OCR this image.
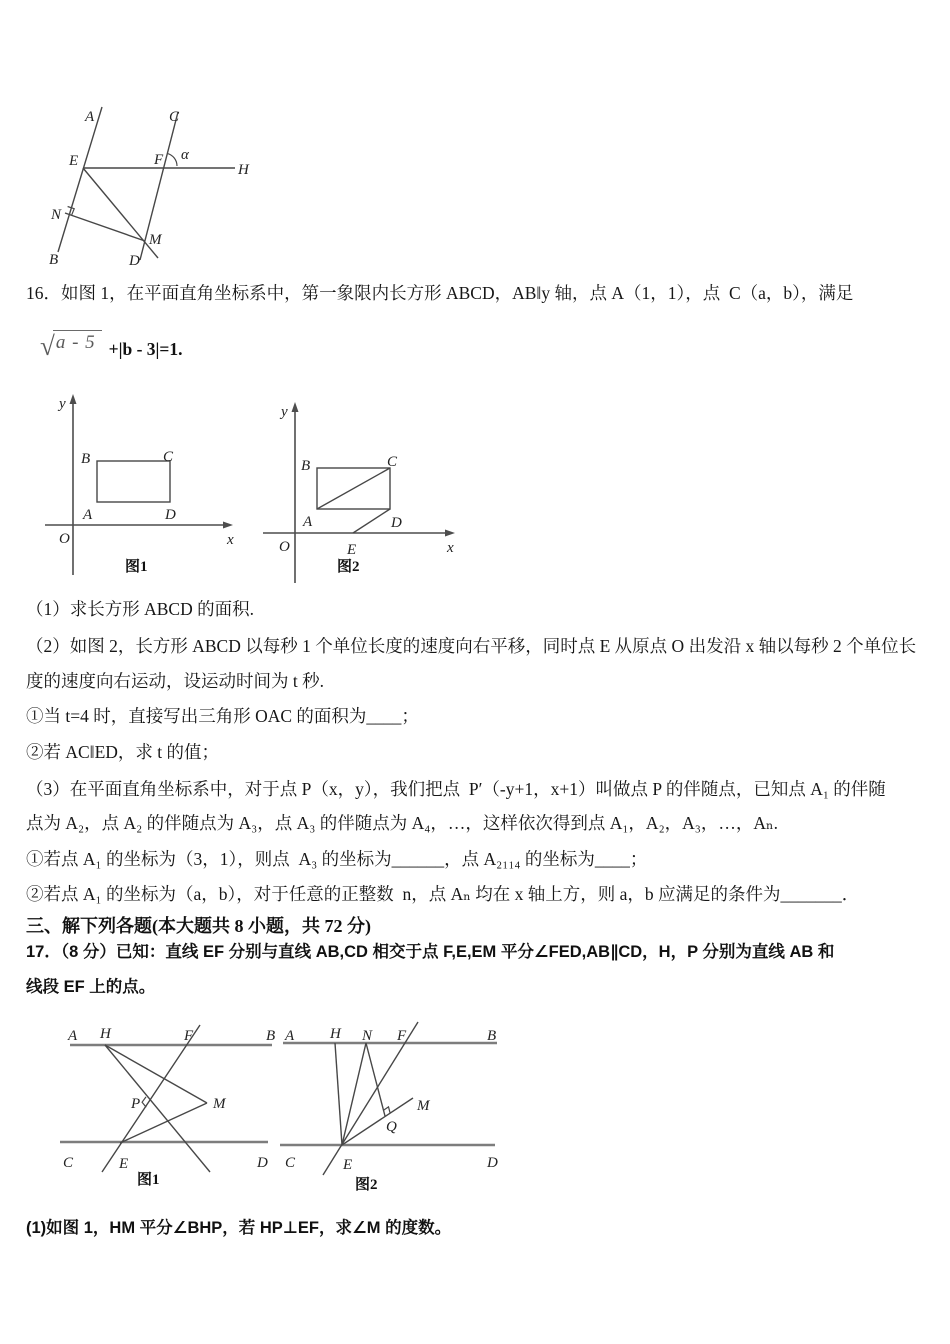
A	C
E	F α
H
N
M
B	D
16．如图 1，在平面直角坐标系中，第一象限内长方形 ABCD，AB‖y 轴，点 A（1，1），点  C（a，b），满足
√ a - 5 +|b - 3|=1.
y
x
O
B	C
A	D
图1
y
x
O
B	C
A	D
E
图2
（1）求长方形 ABCD 的面积.
（2）如图 2，长方形 ABCD 以每秒 1 个单位长度的速度向右平移，同时点 E 从原点 O 出发沿 x 轴以每秒 2 个单位长
度的速度向右运动，设运动时间为 t 秒.
①当 t=4 时，直接写出三角形 OAC 的面积为____；
②若 AC‖ED，求 t 的值；
（3）在平面直角坐标系中，对于点 P（x，y），我们把点  P′（-y+1，x+1）叫做点 P 的伴随点，已知点 A₁ 的伴随
点为 A₂，点 A₂ 的伴随点为 A₃，点 A₃ 的伴随点为 A₄，…，这样依次得到点 A₁，A₂，A₃，…，Aₙ.
①若点 A₁ 的坐标为（3，1），则点  A₃ 的坐标为______，点 A₂₁₁₄ 的坐标为____；
②若点 A₁ 的坐标为（a，b），对于任意的正整数  n，点 Aₙ 均在 x 轴上方，则 a，b 应满足的条件为_______．
三、解下列各题(本大题共 8 小题，共 72 分)
17．（8 分）已知：直线 EF 分别与直线 AB,CD 相交于点 F,E,EM 平分∠FED,AB∥CD，H，P 分别为直线 AB 和
线段 EF 上的点。
A H	F	B
P	M
C	E	D
图1
A H N F	B
M
Q
C	E	D
图2
(1)如图 1，HM 平分∠BHP，若 HP⊥EF，求∠M 的度数。
